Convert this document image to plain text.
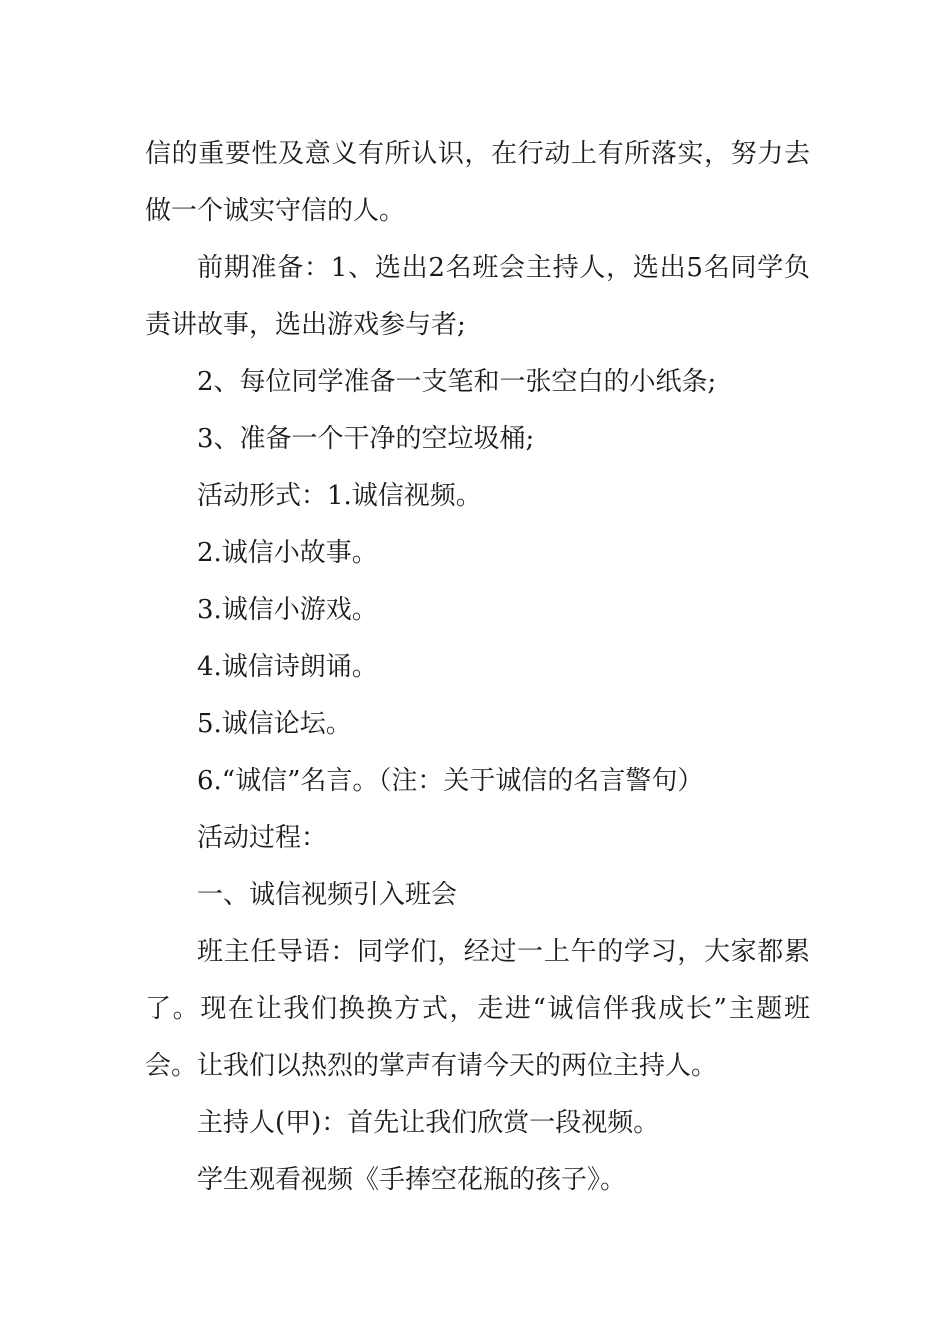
信的重要性及意义有所认识，在行动上有所落实，努力去做一个诚实守信的人。

前期准备：1、选出2名班会主持人，选出5名同学负责讲故事，选出游戏参与者;

2、每位同学准备一支笔和一张空白的小纸条;

3、准备一个干净的空垃圾桶;

活动形式：1.诚信视频。

2.诚信小故事。

3.诚信小游戏。

4.诚信诗朗诵。

5.诚信论坛。

6.“诚信”名言。（注：关于诚信的名言警句）

活动过程：

一、诚信视频引入班会

班主任导语：同学们，经过一上午的学习，大家都累了。现在让我们换换方式，走进“诚信伴我成长”主题班会。让我们以热烈的掌声有请今天的两位主持人。

主持人(甲)：首先让我们欣赏一段视频。

学生观看视频《手捧空花瓶的孩子》。
